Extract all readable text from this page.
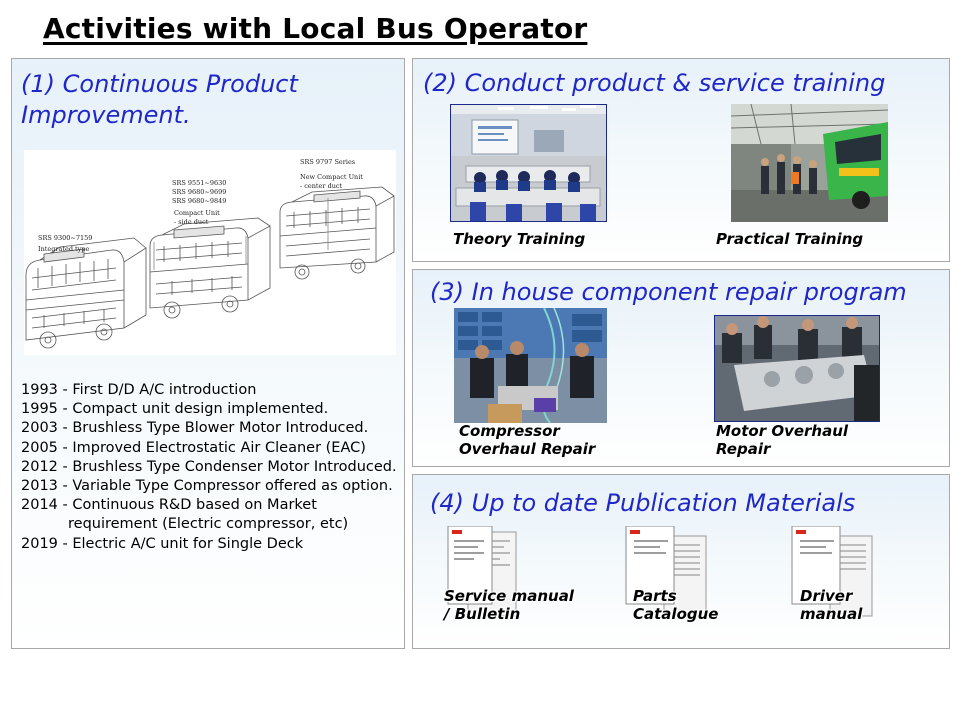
Activities with Local Bus Operator
(1) Continuous Product
Improvement.
SRS 9797 Series
New Compact Unit
- center duct
SRS 9551~9630
SRS 9680~9699
SRS 9680~9849
Compact Unit
- side duct
SRS 9300~7159
Integrated type
1993 - First D/D A/C introduction
1995 - Compact unit design implemented.
2003 - Brushless Type Blower Motor Introduced.
2005 - Improved Electrostatic Air Cleaner (EAC)
2012 - Brushless Type Condenser Motor Introduced.
2013 - Variable Type Compressor offered as option.
2014 - Continuous R&D based on Market requirement (Electric compressor, etc)
2019 - Electric A/C unit for Single Deck
(2) Conduct product & service training
Theory Training	Practical Training
(3) In house component repair program
Compressor
Overhaul Repair
Motor Overhaul
Repair
(4) Up to date Publication Materials
Service manual
/ Bulletin
Parts
Catalogue
Driver
manual
